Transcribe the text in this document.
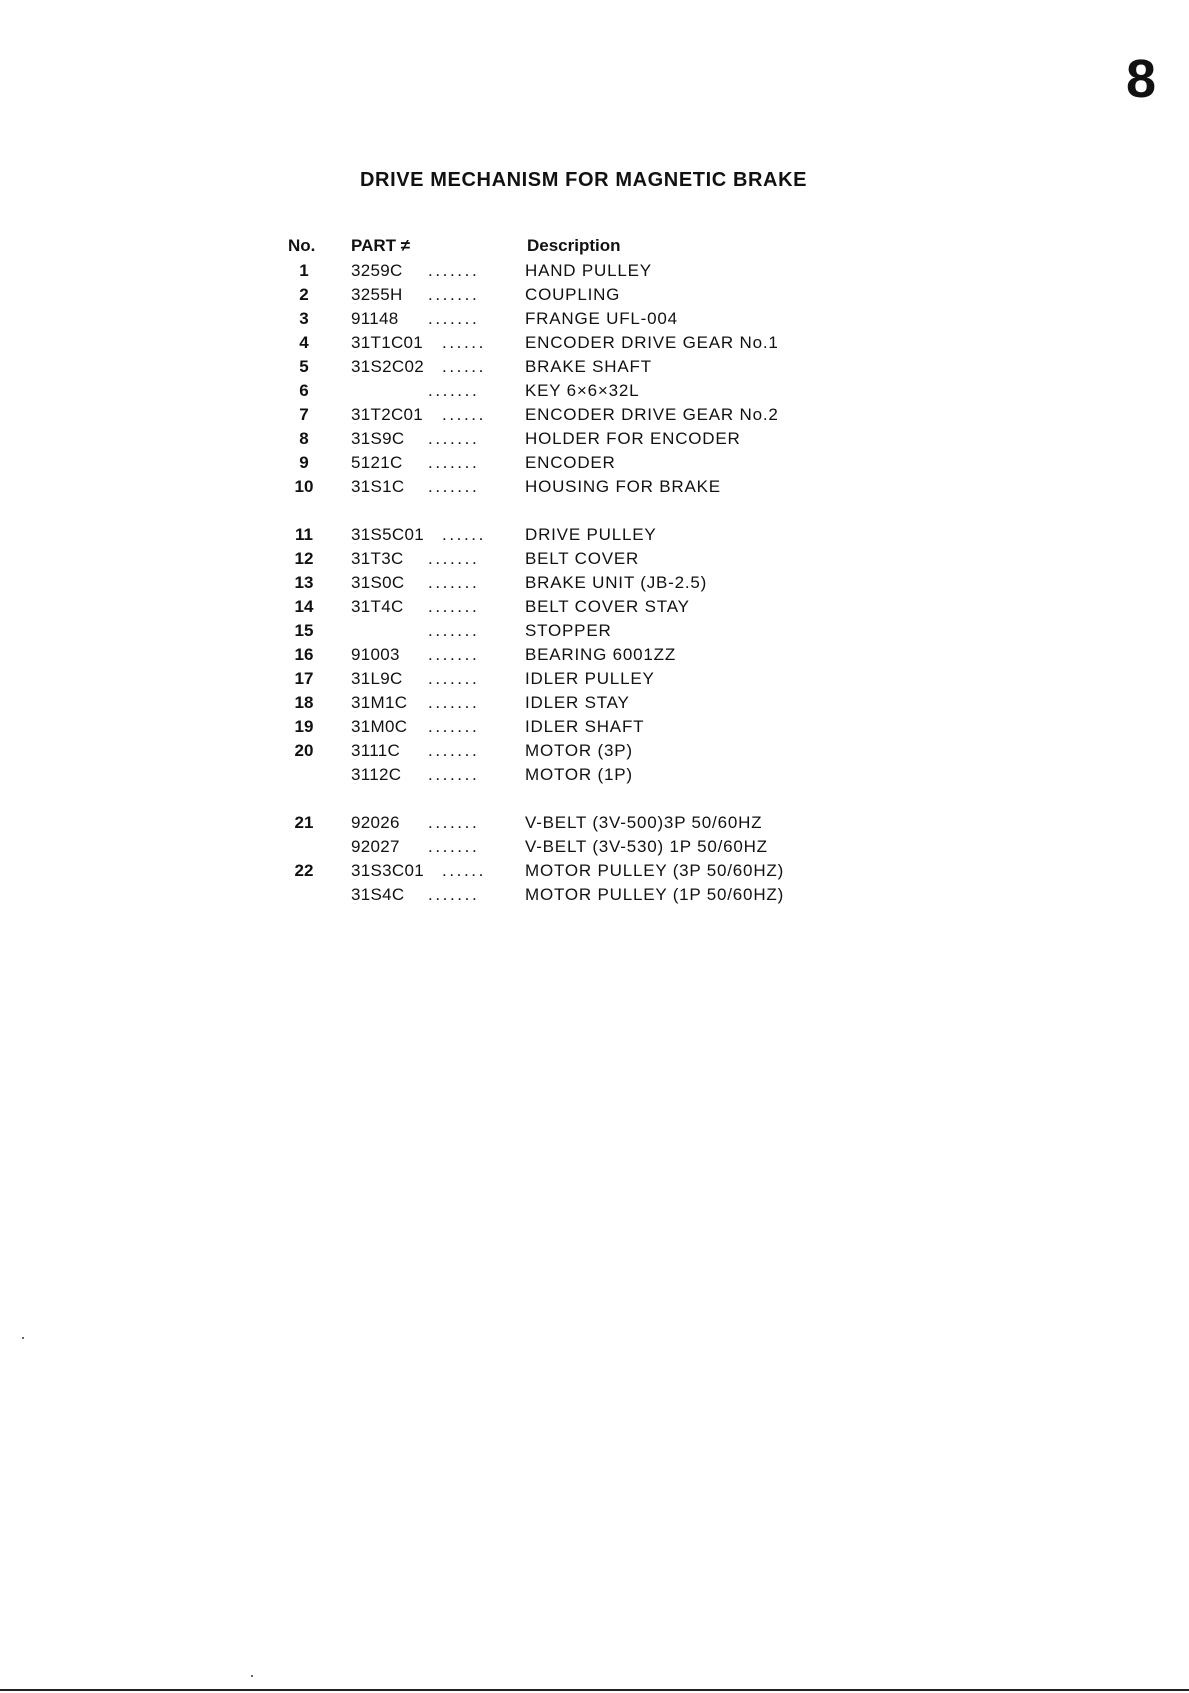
8
DRIVE MECHANISM FOR MAGNETIC BRAKE
No. PART ≠	Description
1	3259C .......	HAND PULLEY
2	3255H .......	COUPLING
3	91148 .......	FRANGE UFL-004
4	31T1C01 ...... ENCODER DRIVE GEAR No.1
5	31S2C02 ...... BRAKE SHAFT
6	.......	KEY 6×6×32L
7	31T2C01 ...... ENCODER DRIVE GEAR No.2
8	31S9C .......	HOLDER FOR ENCODER
9	5121C .......	ENCODER
10	31S1C .......	HOUSING FOR BRAKE
11	31S5C01 ...... DRIVE PULLEY
12	31T3C .......	BELT COVER
13	31S0C .......	BRAKE UNIT (JB-2.5)
14	31T4C .......	BELT COVER STAY
15	.......	STOPPER
16	91003 .......	BEARING 6001ZZ
17	31L9C .......	IDLER PULLEY
18	31M1C .......	IDLER STAY
19	31M0C .......	IDLER SHAFT
20	3111C .......	MOTOR (3P)
3112C .......	MOTOR (1P)
21	92026 .......	V-BELT (3V-500)3P 50/60HZ
92027 .......	V-BELT (3V-530) 1P 50/60HZ
22	31S3C01 ...... MOTOR PULLEY (3P 50/60HZ)
31S4C .......	MOTOR PULLEY (1P 50/60HZ)
